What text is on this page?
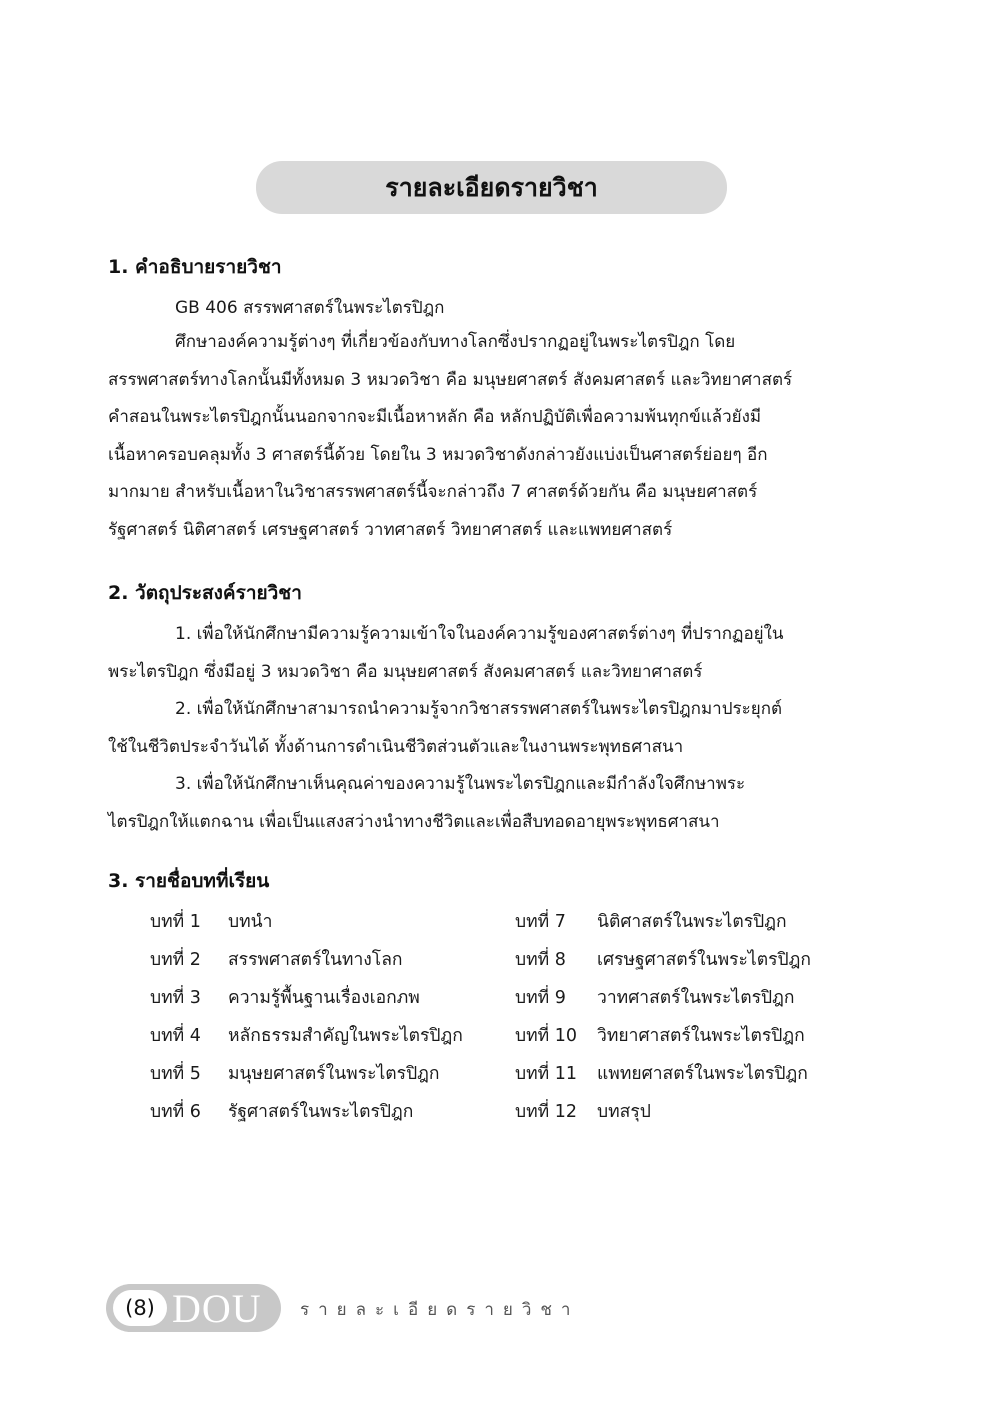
รายละเอียดรายวิชา
1. คำอธิบายรายวิชา

GB 406 สรรพศาสตร์ในพระไตรปิฎก

ศึกษาองค์ความรู้ต่างๆ ที่เกี่ยวข้องกับทางโลกซึ่งปรากฏอยู่ในพระไตรปิฎก โดย
สรรพศาสตร์ทางโลกนั้นมีทั้งหมด 3 หมวดวิชา คือ มนุษยศาสตร์ สังคมศาสตร์ และวิทยาศาสตร์
คำสอนในพระไตรปิฎกนั้นนอกจากจะมีเนื้อหาหลัก คือ หลักปฏิบัติเพื่อความพ้นทุกข์แล้วยังมี
เนื้อหาครอบคลุมทั้ง 3 ศาสตร์นี้ด้วย โดยใน 3 หมวดวิชาดังกล่าวยังแบ่งเป็นศาสตร์ย่อยๆ อีก
มากมาย สำหรับเนื้อหาในวิชาสรรพศาสตร์นี้จะกล่าวถึง 7 ศาสตร์ด้วยกัน คือ มนุษยศาสตร์
รัฐศาสตร์ นิติศาสตร์ เศรษฐศาสตร์ วาทศาสตร์ วิทยาศาสตร์ และแพทยศาสตร์
2. วัตถุประสงค์รายวิชา
1. เพื่อให้นักศึกษามีความรู้ความเข้าใจในองค์ความรู้ของศาสตร์ต่างๆ ที่ปรากฏอยู่ใน
พระไตรปิฎก ซึ่งมีอยู่ 3 หมวดวิชา คือ มนุษยศาสตร์ สังคมศาสตร์ และวิทยาศาสตร์
2. เพื่อให้นักศึกษาสามารถนำความรู้จากวิชาสรรพศาสตร์ในพระไตรปิฎกมาประยุกต์
ใช้ในชีวิตประจำวันได้ ทั้งด้านการดำเนินชีวิตส่วนตัวและในงานพระพุทธศาสนา
3. เพื่อให้นักศึกษาเห็นคุณค่าของความรู้ในพระไตรปิฎกและมีกำลังใจศึกษาพระ
ไตรปิฎกให้แตกฉาน เพื่อเป็นแสงสว่างนำทางชีวิตและเพื่อสืบทอดอายุพระพุทธศาสนา
3. รายชื่อบทที่เรียน
บทที่ 1	บทนำ
บทที่ 2	สรรพศาสตร์ในทางโลก
บทที่ 3	ความรู้พื้นฐานเรื่องเอกภพ
บทที่ 4	หลักธรรมสำคัญในพระไตรปิฎก
บทที่ 5	มนุษยศาสตร์ในพระไตรปิฎก
บทที่ 6	รัฐศาสตร์ในพระไตรปิฎก
บทที่ 7	นิติศาสตร์ในพระไตรปิฎก
บทที่ 8	เศรษฐศาสตร์ในพระไตรปิฎก
บทที่ 9	วาทศาสตร์ในพระไตรปิฎก
บทที่ 10	วิทยาศาสตร์ในพระไตรปิฎก
บทที่ 11	แพทยศาสตร์ในพระไตรปิฎก
บทที่ 12	บทสรุป
(8) DOU รายละเอียดรายวิชา
